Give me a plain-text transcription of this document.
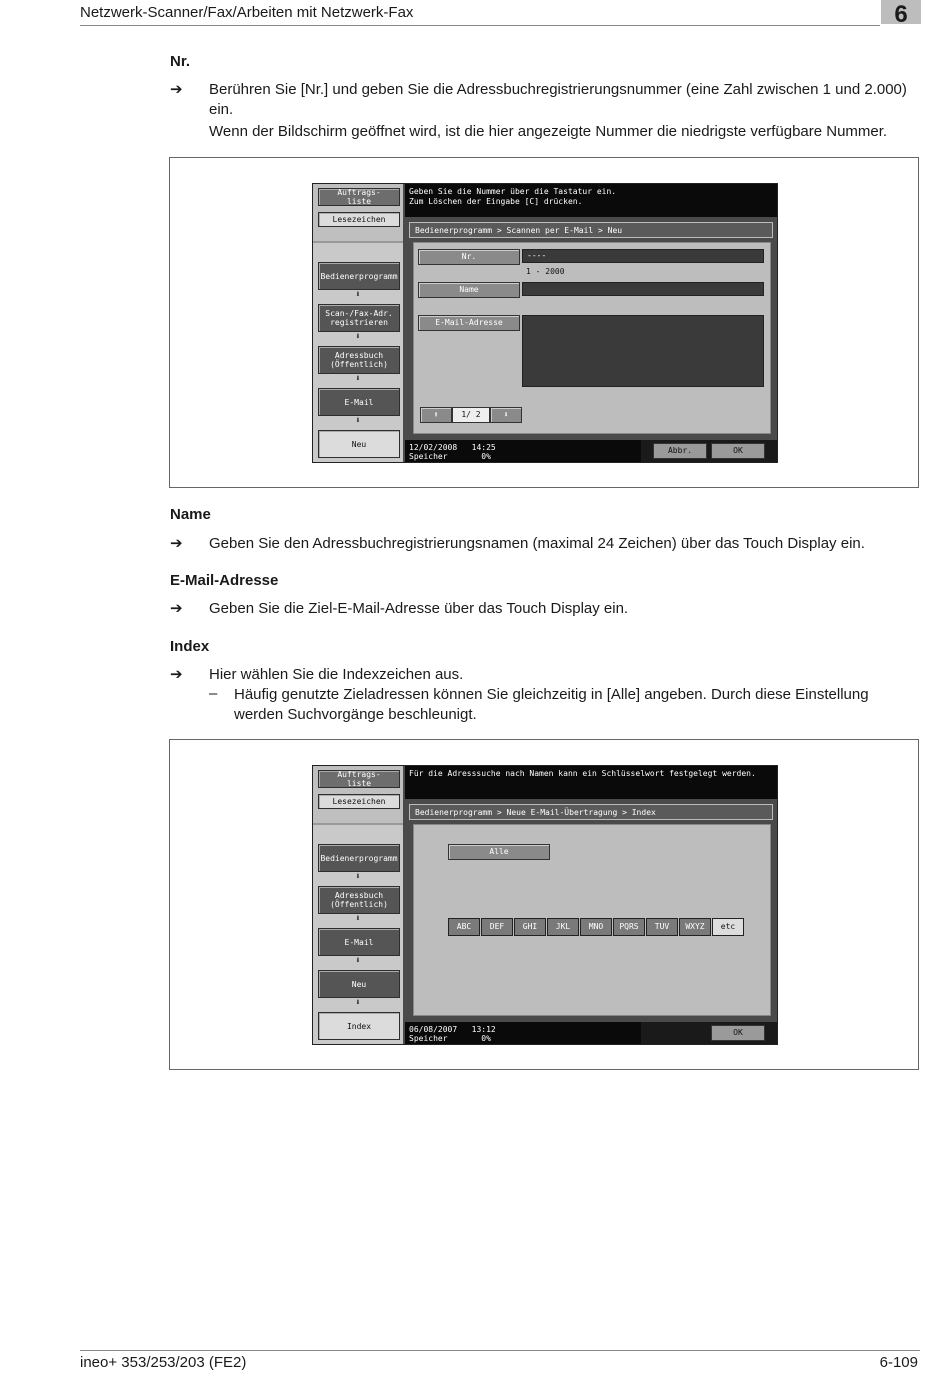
Netzwerk-Scanner/Fax/Arbeiten mit Netzwerk-Fax	6
Nr.
➔ Berühren Sie [Nr.] und geben Sie die Adressbuchregistrierungsnummer (eine Zahl zwischen 1 und 2.000) ein.
Wenn der Bildschirm geöffnet wird, ist die hier angezeigte Nummer die niedrigste verfügbare Nummer.
Auftrags-
liste
Lesezeichen
Bedienerprogramm
⬇
Scan-/Fax-Adr.
registrieren
⬇
Adressbuch
(Öffentlich)
⬇
E-Mail
⬇
Neu
Geben Sie die Nummer über die Tastatur ein.
Zum Löschen der Eingabe [C] drücken.
Bedienerprogramm > Scannen per E-Mail > Neu
Nr.	----
1 - 2000
Name
E-Mail-Adresse
⬆	1/ 2	⬇
12/02/2008 14:25
Speicher	0%
Abbr.	OK
Name
➔ Geben Sie den Adressbuchregistrierungsnamen (maximal 24 Zeichen) über das Touch Display ein.
E-Mail-Adresse
➔ Geben Sie die Ziel-E-Mail-Adresse über das Touch Display ein.
Index
➔ Hier wählen Sie die Indexzeichen aus.
– Häufig genutzte Zieladressen können Sie gleichzeitig in [Alle] angeben. Durch diese Einstellung werden Suchvorgänge beschleunigt.
Auftrags-
liste
Lesezeichen
Bedienerprogramm
⬇
Adressbuch
(Öffentlich)
⬇
E-Mail
⬇
Neu
⬇
Index
Für die Adresssuche nach Namen kann ein Schlüsselwort festgelegt werden.
Bedienerprogramm > Neue E-Mail-Übertragung > Index
Alle
ABC	DEF	GHI	JKL	MNO	PQRS	TUV	WXYZ	etc
06/08/2007 13:12
Speicher	0%
OK
ineo+ 353/253/203 (FE2)	6-109
